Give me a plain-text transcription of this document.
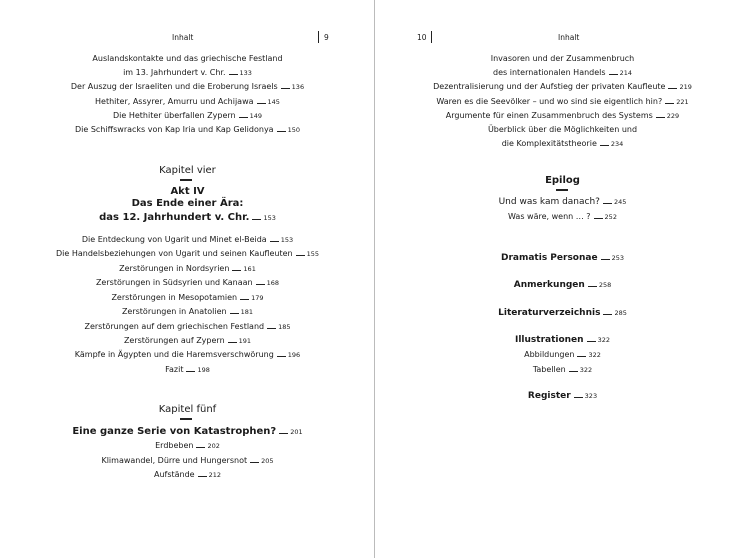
Inhalt	9
Auslandskontakte und das griechische Festland
im 13. Jahrhundert v. Chr. 133
Der Auszug der Israeliten und die Eroberung Israels 136
Hethiter, Assyrer, Amurru und Achijawa 145
Die Hethiter überfallen Zypern 149
Die Schiffswracks von Kap Iria und Kap Gelidonya 150
Kapitel vier
Akt IV
Das Ende einer Ära:
das 12. Jahrhundert v. Chr. 153
Die Entdeckung von Ugarit und Minet el-Beida 153
Die Handelsbeziehungen von Ugarit und seinen Kaufleuten 155
Zerstörungen in Nordsyrien 161
Zerstörungen in Südsyrien und Kanaan 168
Zerstörungen in Mesopotamien 179
Zerstörungen in Anatolien 181
Zerstörungen auf dem griechischen Festland 185
Zerstörungen auf Zypern 191
Kämpfe in Ägypten und die Haremsverschwörung 196
Fazit 198
Kapitel fünf
Eine ganze Serie von Katastrophen? 201
Erdbeben 202
Klimawandel, Dürre und Hungersnot 205
Aufstände 212
10	Inhalt
Invasoren und der Zusammenbruch
des internationalen Handels 214
Dezentralisierung und der Aufstieg der privaten Kaufleute 219
Waren es die Seevölker – und wo sind sie eigentlich hin? 221
Argumente für einen Zusammenbruch des Systems 229
Überblick über die Möglichkeiten und
die Komplexitätstheorie 234
Epilog
Und was kam danach? 245
Was wäre, wenn … ? 252
Dramatis Personae 253
Anmerkungen 258
Literaturverzeichnis 285
Illustrationen 322
Abbildungen 322
Tabellen 322
Register 323
